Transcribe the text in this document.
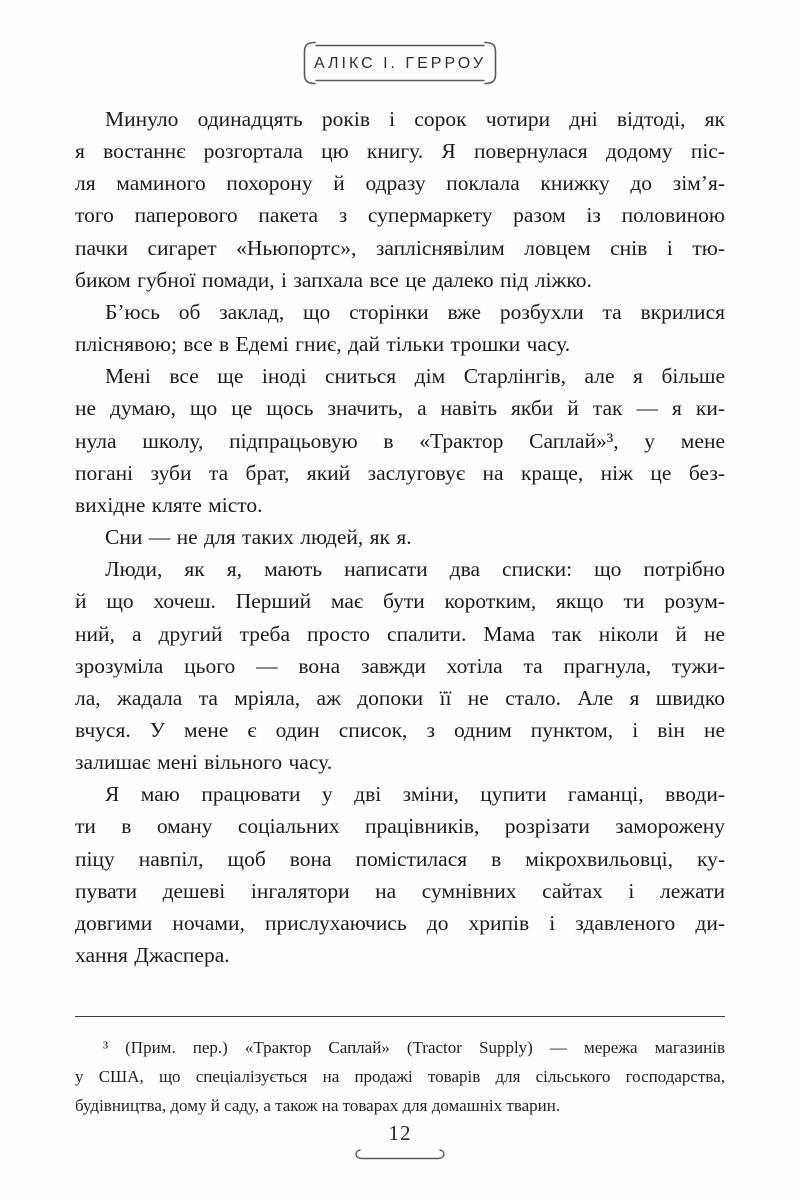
АЛІКС І. ГЕРРОУ
Минуло одинадцять років і сорок чотири дні відтоді, як
я востаннє розгортала цю книгу. Я повернулася додому піс-
ля маминого похорону й одразу поклала книжку до зім’я-
того паперового пакета з супермаркету разом із половиною
пачки сигарет «Ньюпортс», запліснявілим ловцем снів і тю-
биком губної помади, і запхала все це далеко під ліжко.
Б’юсь об заклад, що сторінки вже розбухли та вкрилися
пліснявою; все в Едемі гниє, дай тільки трошки часу.
Мені все ще іноді сниться дім Старлінгів, але я більше
не думаю, що це щось значить, а навіть якби й так — я ки-
нула школу, підпрацьовую в «Трактор Саплай»³, у мене
погані зуби та брат, який заслуговує на краще, ніж це без-
вихідне кляте місто.
Сни — не для таких людей, як я.
Люди, як я, мають написати два списки: що потрібно
й що хочеш. Перший має бути коротким, якщо ти розум-
ний, а другий треба просто спалити. Мама так ніколи й не
зрозуміла цього — вона завжди хотіла та прагнула, тужи-
ла, жадала та мріяла, аж допоки її не стало. Але я швидко
вчуся. У мене є один список, з одним пунктом, і він не
залишає мені вільного часу.
Я маю працювати у дві зміни, цупити гаманці, вводи-
ти в оману соціальних працівників, розрізати заморожену
піцу навпіл, щоб вона помістилася в мікрохвильовці, ку-
пувати дешеві інгалятори на сумнівних сайтах і лежати
довгими ночами, прислухаючись до хрипів і здавленого ди-
хання Джаспера.
³ (Прим. пер.) «Трактор Саплай» (Tractor Supply) — мережа магазинів
у США, що спеціалізується на продажі товарів для сільського господарства,
будівництва, дому й саду, а також на товарах для домашніх тварин.
12
